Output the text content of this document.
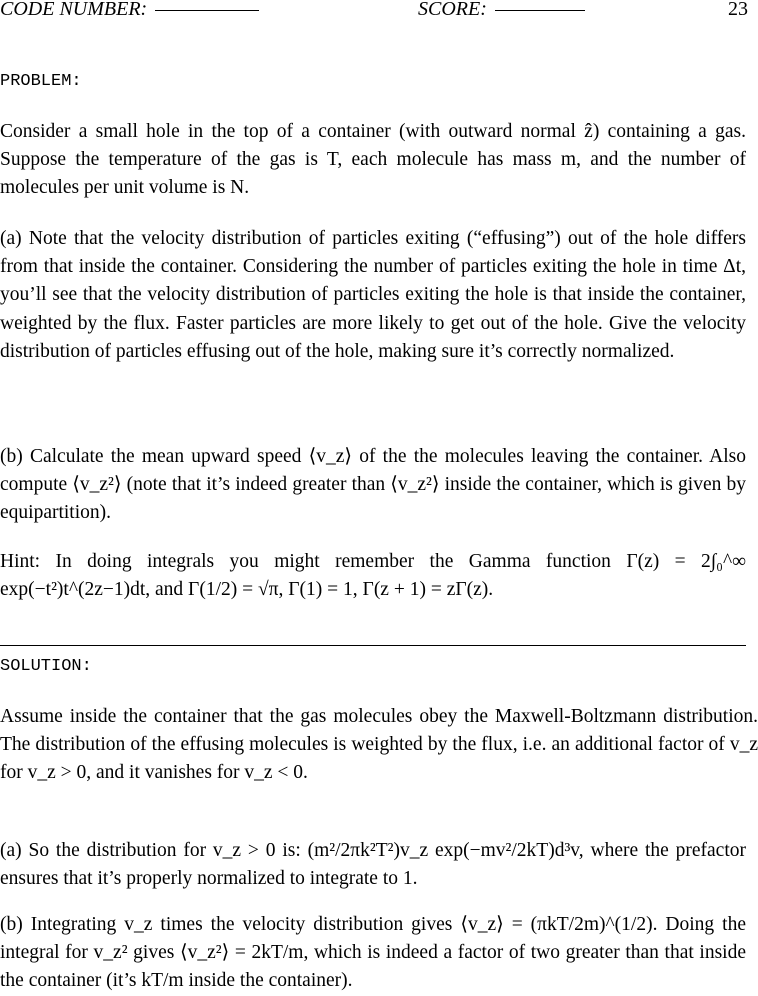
CODE NUMBER:	SCORE:	23
PROBLEM:
Consider a small hole in the top of a container (with outward normal ẑ) containing a gas. Suppose the temperature of the gas is T, each molecule has mass m, and the number of molecules per unit volume is N.
(a) Note that the velocity distribution of particles exiting (“effusing”) out of the hole differs from that inside the container. Considering the number of particles exiting the hole in time Δt, you’ll see that the velocity distribution of particles exiting the hole is that inside the container, weighted by the flux. Faster particles are more likely to get out of the hole. Give the velocity distribution of particles effusing out of the hole, making sure it’s correctly normalized.
(b) Calculate the mean upward speed ⟨v_z⟩ of the the molecules leaving the container. Also compute ⟨v_z²⟩ (note that it’s indeed greater than ⟨v_z²⟩ inside the container, which is given by equipartition).
Hint: In doing integrals you might remember the Gamma function Γ(z) = 2∫₀^∞ exp(−t²)t^(2z−1)dt, and Γ(1/2) = √π, Γ(1) = 1, Γ(z + 1) = zΓ(z).
SOLUTION:
Assume inside the container that the gas molecules obey the Maxwell-Boltzmann distribution. The distribution of the effusing molecules is weighted by the flux, i.e. an additional factor of v_z for v_z > 0, and it vanishes for v_z < 0.
(a) So the distribution for v_z > 0 is: (m²/2πk²T²)v_z exp(−mv²/2kT)d³v, where the prefactor ensures that it’s properly normalized to integrate to 1.
(b) Integrating v_z times the velocity distribution gives ⟨v_z⟩ = (πkT/2m)^(1/2). Doing the integral for v_z² gives ⟨v_z²⟩ = 2kT/m, which is indeed a factor of two greater than that inside the container (it’s kT/m inside the container).
